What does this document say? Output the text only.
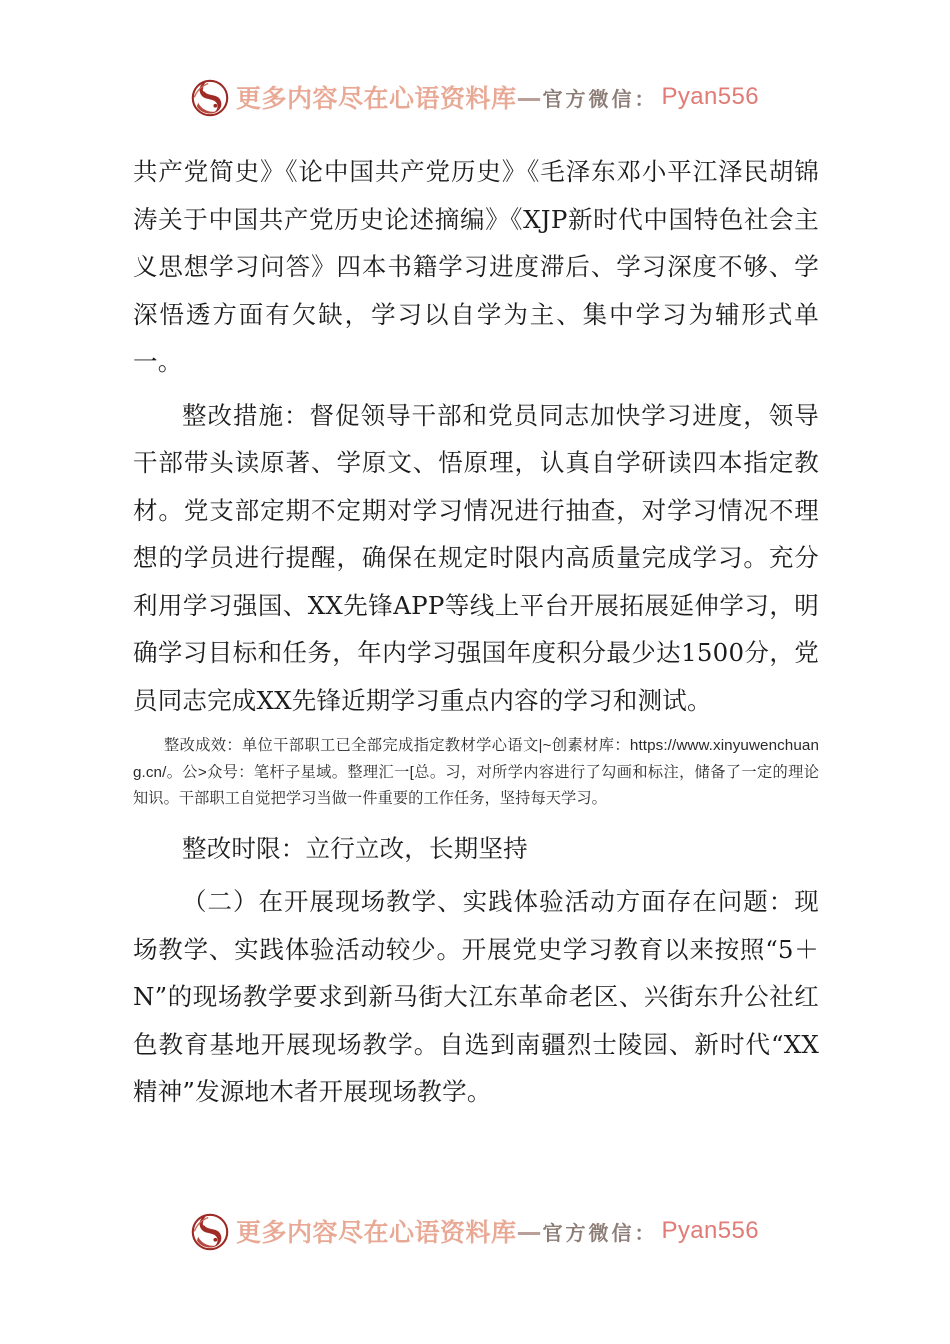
更多内容尽在心语资料库 — 官方微信： Pyan556

共产党简史》《论中国共产党历史》《毛泽东邓小平江泽民胡锦涛关于中国共产党历史论述摘编》《XJP新时代中国特色社会主义思想学习问答》四本书籍学习进度滞后、学习深度不够、学深悟透方面有欠缺，学习以自学为主、集中学习为辅形式单一。

整改措施：督促领导干部和党员同志加快学习进度，领导干部带头读原著、学原文、悟原理，认真自学研读四本指定教材。党支部定期不定期对学习情况进行抽查，对学习情况不理想的学员进行提醒，确保在规定时限内高质量完成学习。充分利用学习强国、XX先锋APP等线上平台开展拓展延伸学习，明确学习目标和任务，年内学习强国年度积分最少达1500分，党员同志完成XX先锋近期学习重点内容的学习和测试。

整改成效：单位干部职工已全部完成指定教材学心语文|~创素材库：https://www.xinyuwenchuang.cn/。公>众号：笔杆子星域。整理汇一[总。习，对所学内容进行了勾画和标注，储备了一定的理论知识。干部职工自觉把学习当做一件重要的工作任务，坚持每天学习。

整改时限：立行立改，长期坚持

（二）在开展现场教学、实践体验活动方面存在问题：现场教学、实践体验活动较少。开展党史学习教育以来按照“5＋N”的现场教学要求到新马街大江东革命老区、兴街东升公社红色教育基地开展现场教学。自选到南疆烈士陵园、新时代“XX精神”发源地木者开展现场教学。

更多内容尽在心语资料库 — 官方微信： Pyan556
